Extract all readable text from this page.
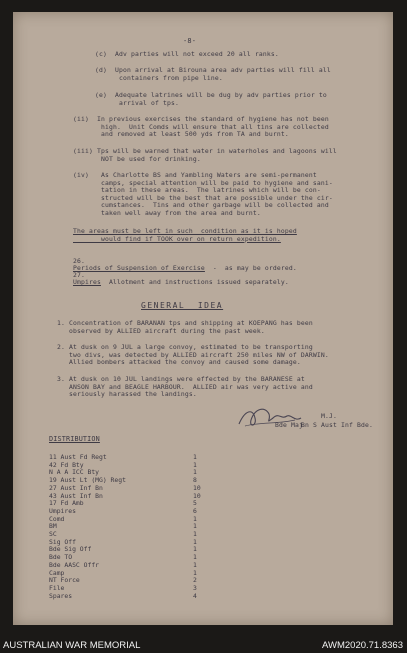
-8-
(c)  Adv parties will not exceed 20 all ranks.
(d)  Upon arrival at Birouna area adv parties will fill all
containers from pipe line.
(e)  Adequate latrines will be dug by adv parties prior to
arrival of tps.
(ii)  In previous exercises the standard of hygiene has not been
high.  Unit Comds will ensure that all tins are collected
and removed at least 500 yds from TA and burnt.
(iii) Tps will be warned that water in waterholes and lagoons will
NOT be used for drinking.
(iv)   As Charlotte BS and Yambling Waters are semi-permanent
camps, special attention will be paid to hygiene and sani-
tation in these areas.  The latrines which will be con-
structed will be the best that are possible under the cir-
cumstances.  Tins and other garbage will be collected and
taken well away from the area and burnt.
The areas must be left in such  condition as it is hoped
would find if TOOK over on return expedition.

26.
Periods of Suspension of Exercise  -  as may be ordered.

27.
Umpires  Allotment and instructions issued separately.

GENERAL  IDEA
1. Concentration of BARANAN tps and shipping at KOEPANG has been
observed by ALLIED aircraft during the past week.
2. At dusk on 9 JUL a large convoy, estimated to be transporting
two divs, was detected by ALLIED aircraft 250 miles NW of DARWIN.
Allied bombers attacked the convoy and caused some damage.
3. At dusk on 10 JUL landings were effected by the BARANESE at
ANSON BAY and BEAGLE HARBOUR.  ALLIED air was very active and
seriously harassed the landings.
M.J.
Bde Maj
Bn S Aust Inf Bde.
DISTRIBUTION
11 Aust Fd Regt	1
42 Fd Bty	1
N A A ICC Bty	1
19 Aust Lt (MG) Regt	8
27 Aust Inf Bn	10
43 Aust Inf Bn	10
17 Fd Amb	5
Umpires	6
Comd	1
BM	1
SC	1
Sig Off	1
Bde Sig Off	1
Bde TO	1
Bde AASC Offr	1
Camp	1
NT Force	2
File	3
Spares	4
AUSTRALIAN WAR MEMORIAL	AWM2020.71.8363
